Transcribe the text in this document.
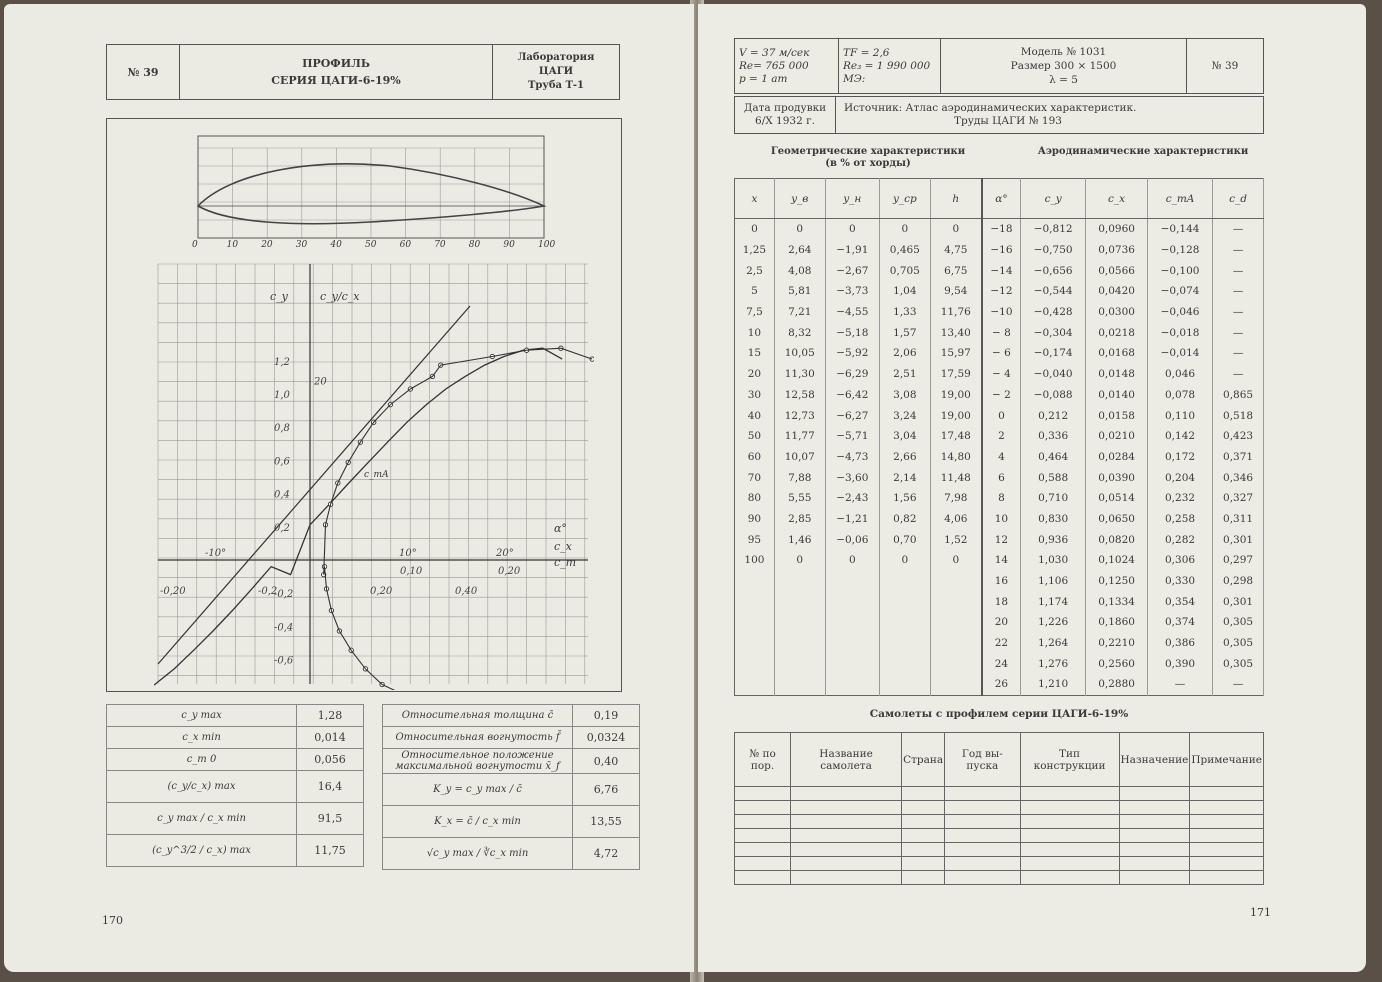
№ 39	
ПРОФИЛЬ
СЕРИЯ ЦАГИ-6-19%

Лаборатория
ЦАГИ
Труба Т-1
0	10	20	30	40	50	60	70	80	90	100
1,2
1,0
0,8
0,6
0,4
0,2
-0,2
-0,4
-0,6
20
-10°	10°	20°
0,10	0,20
-0,20	-0,2	0,20	0,40
c_y	c_y/c_x
α°
c_x
c_m
c_mA
c_y max	1,28
c_x min	0,014
c_m 0	0,056
(c_y/c_x) max	16,4
c_y max / c_x min	91,5
(c_y^3/2 / c_x) max	11,75
Относительная толщина c̄	0,19
Относительная вогнутость f̄	0,0324
Относительное положение максимальной вогнутости x̄_f	0,40
K_y = c_y max / c̄	6,76
K_x = c̄ / c_x min	13,55
√c_y max / ∛c_x min	4,72
170
V = 37 м/сек
Re= 765 000
p = 1 ат

TF = 2,6
Re₃ = 1 990 000
МЭ:

Модель № 1031
Размер 300 × 1500
λ = 5
	№ 39
Дата продувки
6/X 1932 г.

Источник: Атлас аэродинамических характеристик.
Труды ЦАГИ № 193
Геометрические характеристики
(в % от хорды)
Аэродинамические характеристики
x	y_в	y_н	y_ср	h	α°	c_y	c_x	c_mA	c_d
0	0	0	0	0	−18	−0,812	0,0960	−0,144	—
1,25	2,64	−1,91	0,465	4,75	−16	−0,750	0,0736	−0,128	—
2,5	4,08	−2,67	0,705	6,75	−14	−0,656	0,0566	−0,100	—
5	5,81	−3,73	1,04	9,54	−12	−0,544	0,0420	−0,074	—
7,5	7,21	−4,55	1,33	11,76	−10	−0,428	0,0300	−0,046	—
10	8,32	−5,18	1,57	13,40	− 8	−0,304	0,0218	−0,018	—
15	10,05	−5,92	2,06	15,97	− 6	−0,174	0,0168	−0,014	—
20	11,30	−6,29	2,51	17,59	− 4	−0,040	0,0148	0,046	—
30	12,58	−6,42	3,08	19,00	− 2	−0,088	0,0140	0,078	0,865
40	12,73	−6,27	3,24	19,00	0	0,212	0,0158	0,110	0,518
50	11,77	−5,71	3,04	17,48	2	0,336	0,0210	0,142	0,423
60	10,07	−4,73	2,66	14,80	4	0,464	0,0284	0,172	0,371
70	7,88	−3,60	2,14	11,48	6	0,588	0,0390	0,204	0,346
80	5,55	−2,43	1,56	7,98	8	0,710	0,0514	0,232	0,327
90	2,85	−1,21	0,82	4,06	10	0,830	0,0650	0,258	0,311
95	1,46	−0,06	0,70	1,52	12	0,936	0,0820	0,282	0,301
100	0	0	0	0	14	1,030	0,1024	0,306	0,297
					16	1,106	0,1250	0,330	0,298
					18	1,174	0,1334	0,354	0,301
					20	1,226	0,1860	0,374	0,305
					22	1,264	0,2210	0,386	0,305
					24	1,276	0,2560	0,390	0,305
					26	1,210	0,2880	—	—
Самолеты с профилем серии ЦАГИ-6-19%
№ по пор.	Название самолета	Страна	Год вы-пуска	Тип конструкции	Назначение	Примечание

171
